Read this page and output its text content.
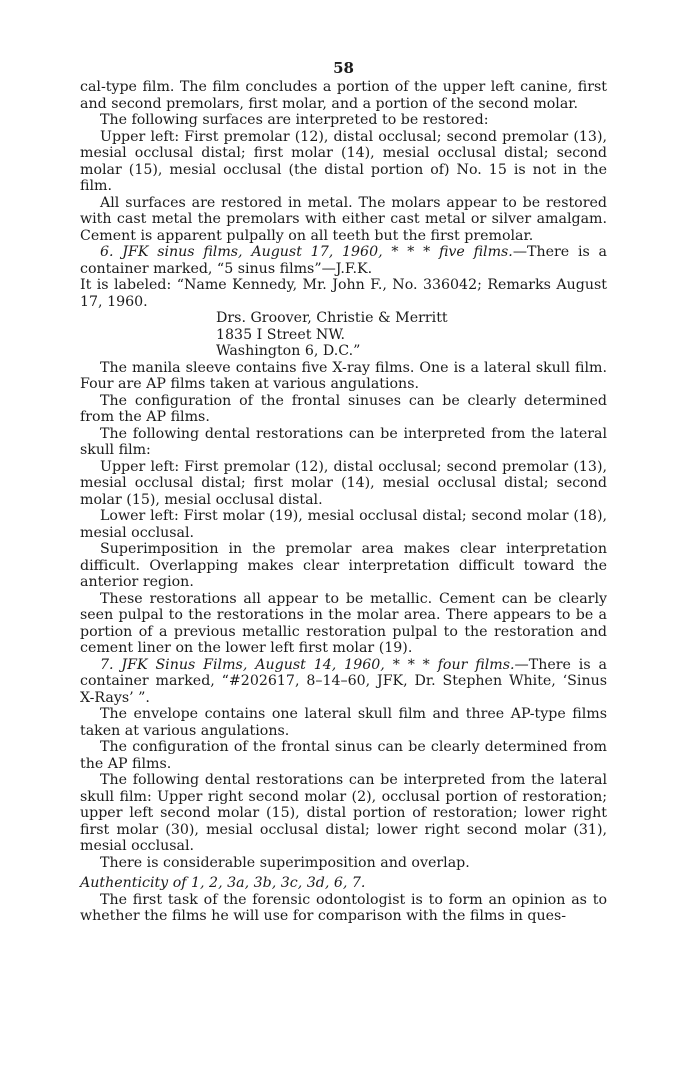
58

cal-type film. The film concludes a portion of the upper left canine, first and second premolars, first molar, and a portion of the second molar.

The following surfaces are interpreted to be restored:

Upper left: First premolar (12), distal occlusal; second premolar (13), mesial occlusal distal; first molar (14), mesial occlusal distal; second molar (15), mesial occlusal (the distal portion of) No. 15 is not in the film.

All surfaces are restored in metal. The molars appear to be restored with cast metal the premolars with either cast metal or silver amalgam. Cement is apparent pulpally on all teeth but the first premolar.

6. JFK sinus films, August 17, 1960, * * * five films.—There is a container marked, “5 sinus films”—J.F.K.

It is labeled: “Name Kennedy, Mr. John F., No. 336042; Remarks August 17, 1960.

Drs. Groover, Christie & Merritt
1835 I Street NW.
Washington 6, D.C.”

The manila sleeve contains five X-ray films. One is a lateral skull film. Four are AP films taken at various angulations.

The configuration of the frontal sinuses can be clearly determined from the AP films.

The following dental restorations can be interpreted from the lateral skull film:

Upper left: First premolar (12), distal occlusal; second premolar (13), mesial occlusal distal; first molar (14), mesial occlusal distal; second molar (15), mesial occlusal distal.

Lower left: First molar (19), mesial occlusal distal; second molar (18), mesial occlusal.

Superimposition in the premolar area makes clear interpretation difficult. Overlapping makes clear interpretation difficult toward the anterior region.

These restorations all appear to be metallic. Cement can be clearly seen pulpal to the restorations in the molar area. There appears to be a portion of a previous metallic restoration pulpal to the restoration and cement liner on the lower left first molar (19).

7. JFK Sinus Films, August 14, 1960, * * * four films.—There is a container marked, “#202617, 8–14–60, JFK, Dr. Stephen White, ‘Sinus X-Rays’ ”.

The envelope contains one lateral skull film and three AP-type films taken at various angulations.

The configuration of the frontal sinus can be clearly determined from the AP films.

The following dental restorations can be interpreted from the lateral skull film: Upper right second molar (2), occlusal portion of restoration; upper left second molar (15), distal portion of restoration; lower right first molar (30), mesial occlusal distal; lower right second molar (31), mesial occlusal.

There is considerable superimposition and overlap.

Authenticity of 1, 2, 3a, 3b, 3c, 3d, 6, 7.

The first task of the forensic odontologist is to form an opinion as to whether the films he will use for comparison with the films in ques-
